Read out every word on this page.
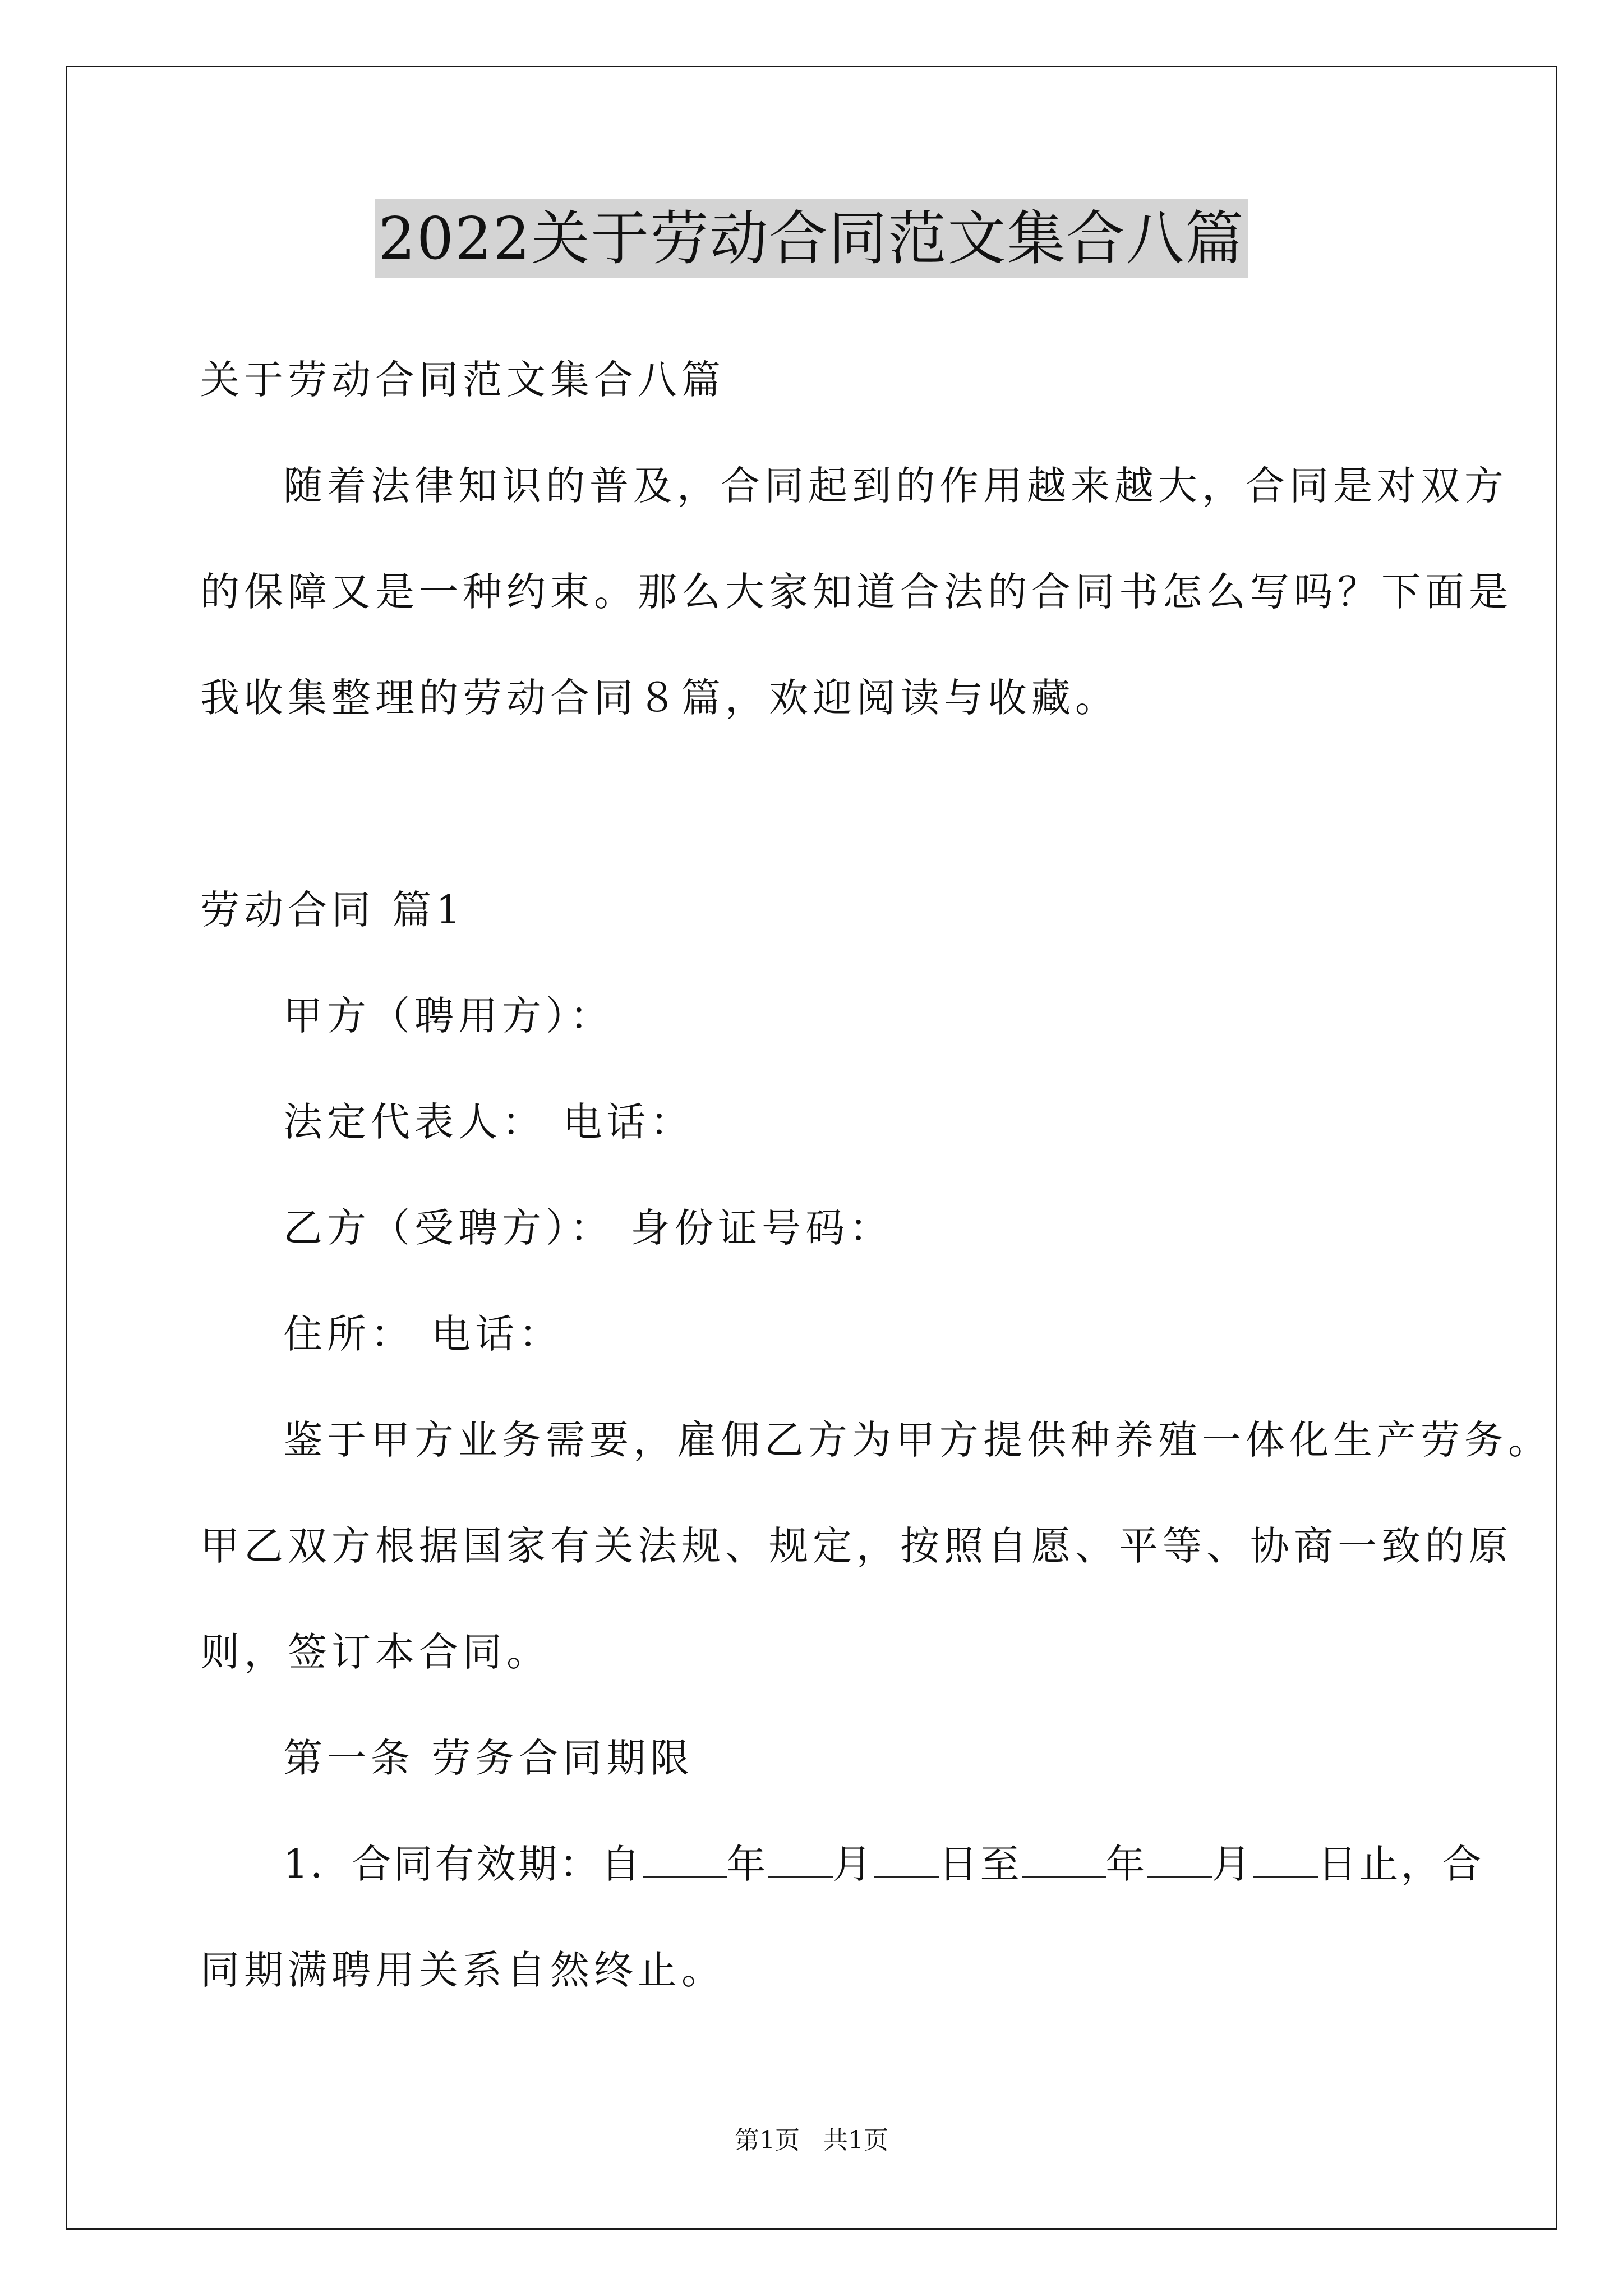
2022关于劳动合同范文集合八篇
关于劳动合同范文集合八篇
随着法律知识的普及，合同起到的作用越来越大，合同是对双方
的保障又是一种约束。那么大家知道合法的合同书怎么写吗？下面是
我收集整理的劳动合同８篇，欢迎阅读与收藏。
劳动合同 篇1
甲方（聘用方）：
法定代表人： 电话：
乙方（受聘方）： 身份证号码：
住所： 电话：
鉴于甲方业务需要，雇佣乙方为甲方提供种养殖一体化生产劳务。
甲乙双方根据国家有关法规、规定，按照自愿、平等、协商一致的原
则，签订本合同。
第一条 劳务合同期限
1．合同有效期：自 年 月 日至 年 月 日止，合
同期满聘用关系自然终止。
第1页   共1页
